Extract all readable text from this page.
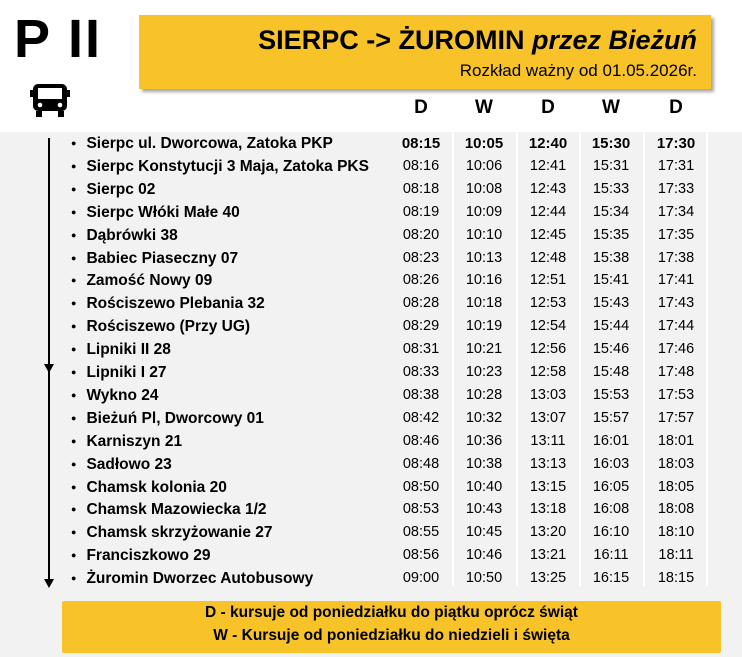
P II	SIERPC -> ŻUROMIN przez Bieżuń
Rozkład ważny od 01.05.2026r.
D	W	D	W	D
● Sierpc ul. Dworcowa, Zatoka PKP	08:15	10:05	12:40	15:30	17:30
● Sierpc Konstytucji 3 Maja, Zatoka PKS	08:16	10:06	12:41	15:31	17:31
● Sierpc 02	08:18	10:08	12:43	15:33	17:33
● Sierpc Włóki Małe 40	08:19	10:09	12:44	15:34	17:34
● Dąbrówki 38	08:20	10:10	12:45	15:35	17:35
● Babiec Piaseczny 07	08:23	10:13	12:48	15:38	17:38
● Zamość Nowy 09	08:26	10:16	12:51	15:41	17:41
● Rościszewo Plebania 32	08:28	10:18	12:53	15:43	17:43
● Rościszewo (Przy UG)	08:29	10:19	12:54	15:44	17:44
● Lipniki II 28	08:31	10:21	12:56	15:46	17:46
● Lipniki I 27	08:33	10:23	12:58	15:48	17:48
● Wykno 24	08:38	10:28	13:03	15:53	17:53
● Bieżuń Pl, Dworcowy 01	08:42	10:32	13:07	15:57	17:57
● Karniszyn 21	08:46	10:36	13:11	16:01	18:01
● Sadłowo 23	08:48	10:38	13:13	16:03	18:03
● Chamsk kolonia 20	08:50	10:40	13:15	16:05	18:05
● Chamsk Mazowiecka 1/2	08:53	10:43	13:18	16:08	18:08
● Chamsk skrzyżowanie 27	08:55	10:45	13:20	16:10	18:10
● Franciszkowo 29	08:56	10:46	13:21	16:11	18:11
● Żuromin Dworzec Autobusowy	09:00	10:50	13:25	16:15	18:15
D - kursuje od poniedziałku do piątku oprócz świąt
W - Kursuje od poniedziałku do niedzieli i święta
